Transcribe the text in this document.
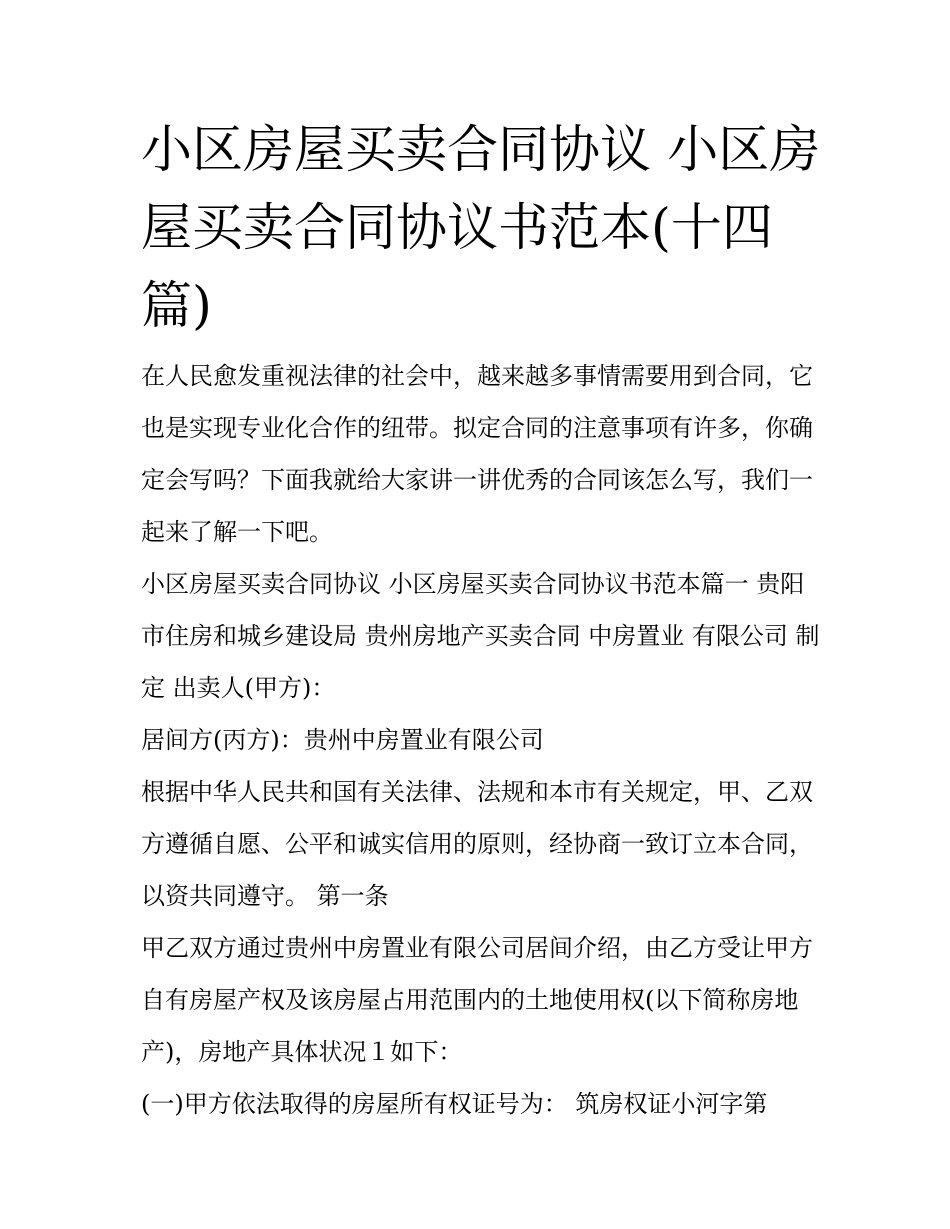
小区房屋买卖合同协议 小区房屋买卖合同协议书范本(十四篇)

在人民愈发重视法律的社会中，越来越多事情需要用到合同，它也是实现专业化合作的纽带。拟定合同的注意事项有许多，你确定会写吗？下面我就给大家讲一讲优秀的合同该怎么写，我们一起来了解一下吧。

小区房屋买卖合同协议 小区房屋买卖合同协议书范本篇一 贵阳市住房和城乡建设局 贵州房地产买卖合同 中房置业 有限公司 制定 出卖人(甲方)：

居间方(丙方)：贵州中房置业有限公司

根据中华人民共和国有关法律、法规和本市有关规定，甲、乙双方遵循自愿、公平和诚实信用的原则，经协商一致订立本合同，以资共同遵守。 第一条

甲乙双方通过贵州中房置业有限公司居间介绍，由乙方受让甲方自有房屋产权及该房屋占用范围内的土地使用权(以下简称房地产)，房地产具体状况１如下：

(一)甲方依法取得的房屋所有权证号为： 筑房权证小河字第
